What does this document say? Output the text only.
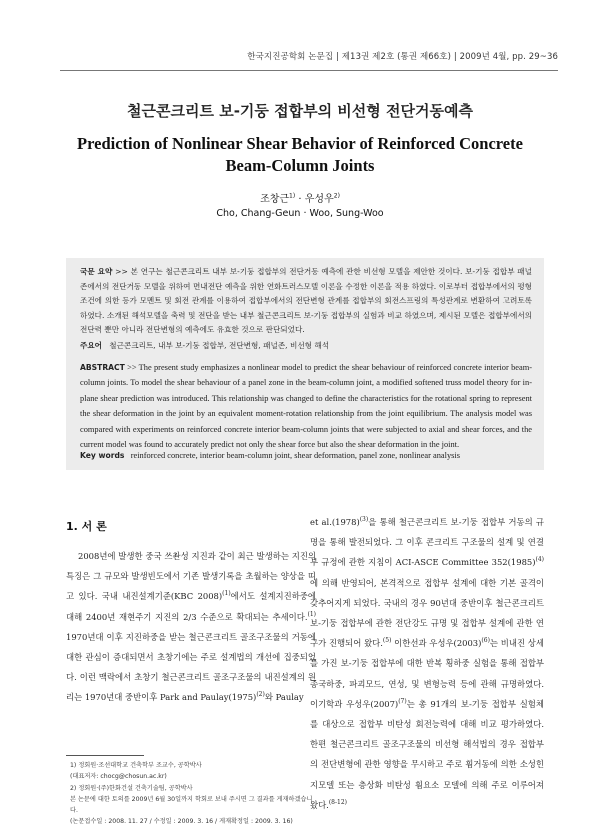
한국지진공학회 논문집 | 제13권 제2호 (통권 제66호) | 2009년 4월, pp. 29~36
철근콘크리트 보-기둥 접합부의 비선형 전단거동예측
Prediction of Nonlinear Shear Behavior of Reinforced Concrete Beam-Column Joints
조창근$^{1)}$ · 우성우$^{2)}$
Cho, Chang-Geun · Woo, Sung-Woo
국문 요약 >> 본 연구는 철근콘크리트 내부 보-기둥 접합부의 전단거동 예측에 관한 비선형 모델을 제안한 것이다. 보-기둥 접합부 패널존에서의 전단거동 모델을 위하여 면내전단 예측을 위한 연화트러스모델 이론을 수정한 이론을 적용 하였다. 이로부터 접합부에서의 평형조건에 의한 등가 모멘트 및 회전 관계를 이용하여 접합부에서의 전단변형 관계를 접합부의 회전스프링의 특성관계로 변환하여 고려토록 하였다. 소개된 해석모델을 축력 및 전단을 받는 내부 철근콘크리트 보-기둥 접합부의 실험과 비교 하였으며, 제시된 모델은 접합부에서의 전단력 뿐만 아니라 전단변형의 예측에도 유효한 것으로 판단되었다.
주요어 철근콘크리트, 내부 보-기둥 접합부, 전단변형, 패널존, 비선형 해석
ABSTRACT >> The present study emphasizes a nonlinear model to predict the shear behaviour of reinforced concrete interior beam-column joints. To model the shear behaviour of a panel zone in the beam-column joint, a modified softened truss model theory for in-plane shear prediction was introduced. This relationship was changed to define the characteristics for the rotational spring to represent the shear deformation in the joint by an equivalent moment-rotation relationship from the joint equilibrium. The analysis model was compared with experiments on reinforced concrete interior beam-column joints that were subjected to axial and shear forces, and the current model was found to accurately predict not only the shear force but also the shear deformation in the joint.
Key words reinforced concrete, interior beam-column joint, shear deformation, panel zone, nonlinear analysis
1. 서 론

2008년에 발생한 중국 쓰촨성 지진과 같이 최근 발생하는 지진의 특징은 그 규모와 발생빈도에서 기존 발생기록을 초월하는 양상을 띠고 있다. 국내 내진설계기준(KBC 2008)$^{(1)}$에서도 설계지진하중에 대해 2400년 재현주기 지진의 2/3 수준으로 확대되는 추세이다.$^{(1)}$ 1970년대 이후 지진하중을 받는 철근콘크리트 골조구조물의 거동에 대한 관심이 증대되면서 초창기에는 주로 설계법의 개선에 집중되었다. 이런 맥락에서 초창기 철근콘크리트 골조구조물의 내진설계의 원리는 1970년대 중반이후 Park and $Paulay(1975)^{(2)}$와 Paulay

et $al.(1978)^{(3)}$을 통해 철근콘크리트 보-기둥 접합부 거동의 규명을 통해 발전되었다. 그 이후 콘크리트 구조물의 설계 및 연결부 규정에 관한 지침이 ACI-ASCE Committee $352(1985)^{(4)}$에 의해 반영되어, 본격적으로 접합부 설계에 대한 기본 골격이 갖추어지게 되었다. 국내의 경우 90년대 중반이후 철근콘크리트 보-기둥 접합부에 관한 전단강도 규명 및 접합부 설계에 관한 연구가 진행되어 왔다.$^{(5)}$ 이한선과 우성우$(2003)^{(6)}$는 비내진 상세를 가진 보-기둥 접합부에 대한 반복 횡하중 실험을 통해 접합부 종국하중, 파괴모드, 연성, 및 변형능력 등에 관해 규명하였다. 이기학과 우성우$(2007)^{(7)}$는 총 91개의 보-기둥 접합부 실험체를 대상으로 접합부 비탄성 회전능력에 대해 비교 평가하였다. 한편 철근콘크리트 골조구조물의 비선형 해석법의 경우 접합부의 전단변형에 관한 영향을 무시하고 주로 휨거동에 의한 소성힌지모델 또는 층상화 비탄성 휨요소 모델에 의해 주로 이루어져 왔다.$^{(8-12)}$

1) 정회원·조선대학교 건축학부 조교수, 공학박사

(대표저자: chocg@chosun.ac.kr)

2) 정회원·(주)한화건설 건축기술팀, 공학박사

본 논문에 대한 토의를 2009년 6월 30일까지 학회로 보내 주시면 그 결과를 게재하겠습니다.

(논문접수일 : 2008. 11. 27 / 수정일 : 2009. 3. 16 / 게재확정일 : 2009. 3. 16)
